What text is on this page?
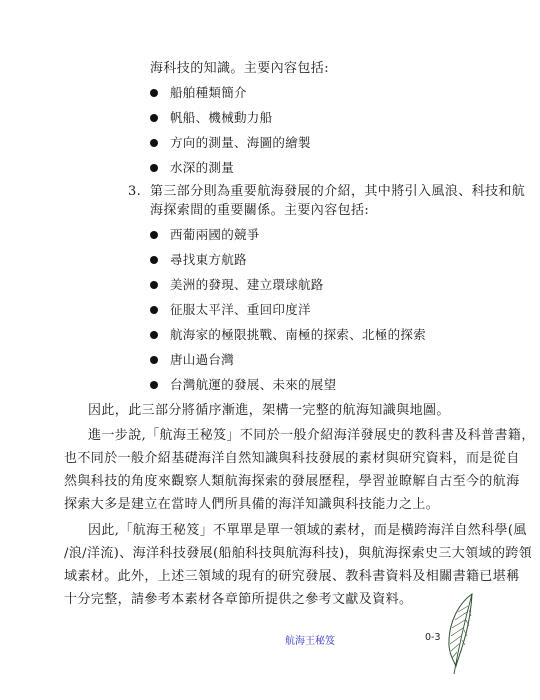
海科技的知識。主要內容包括:
船舶種類簡介
帆船、機械動力船
方向的測量、海圖的繪製
水深的測量
3. 第三部分則為重要航海發展的介紹，其中將引入風浪、科技和航
海探索間的重要關係。主要內容包括:
西葡兩國的競爭
尋找東方航路
美洲的發現、建立環球航路
征服太平洋、重回印度洋
航海家的極限挑戰、南極的探索、北極的探索
唐山過台灣
台灣航運的發展、未來的展望
因此，此三部分將循序漸進，架構一完整的航海知識與地圖。
進一步說,「航海王秘笈」不同於一般介紹海洋發展史的教科書及科普書籍，
也不同於一般介紹基礎海洋自然知識與科技發展的素材與研究資料，而是從自
然與科技的角度來觀察人類航海探索的發展歷程，學習並瞭解自古至今的航海
探索大多是建立在當時人們所具備的海洋知識與科技能力之上。
因此,「航海王秘笈」不單單是單一領域的素材，而是橫跨海洋自然科學(風
/浪/洋流)、海洋科技發展(船舶科技與航海科技)，與航海探索史三大領域的跨領
域素材。此外，上述三領域的現有的研究發展、教科書資料及相關書籍已堪稱
十分完整，請參考本素材各章節所提供之參考文獻及資料。
航海王秘笈	0-3
